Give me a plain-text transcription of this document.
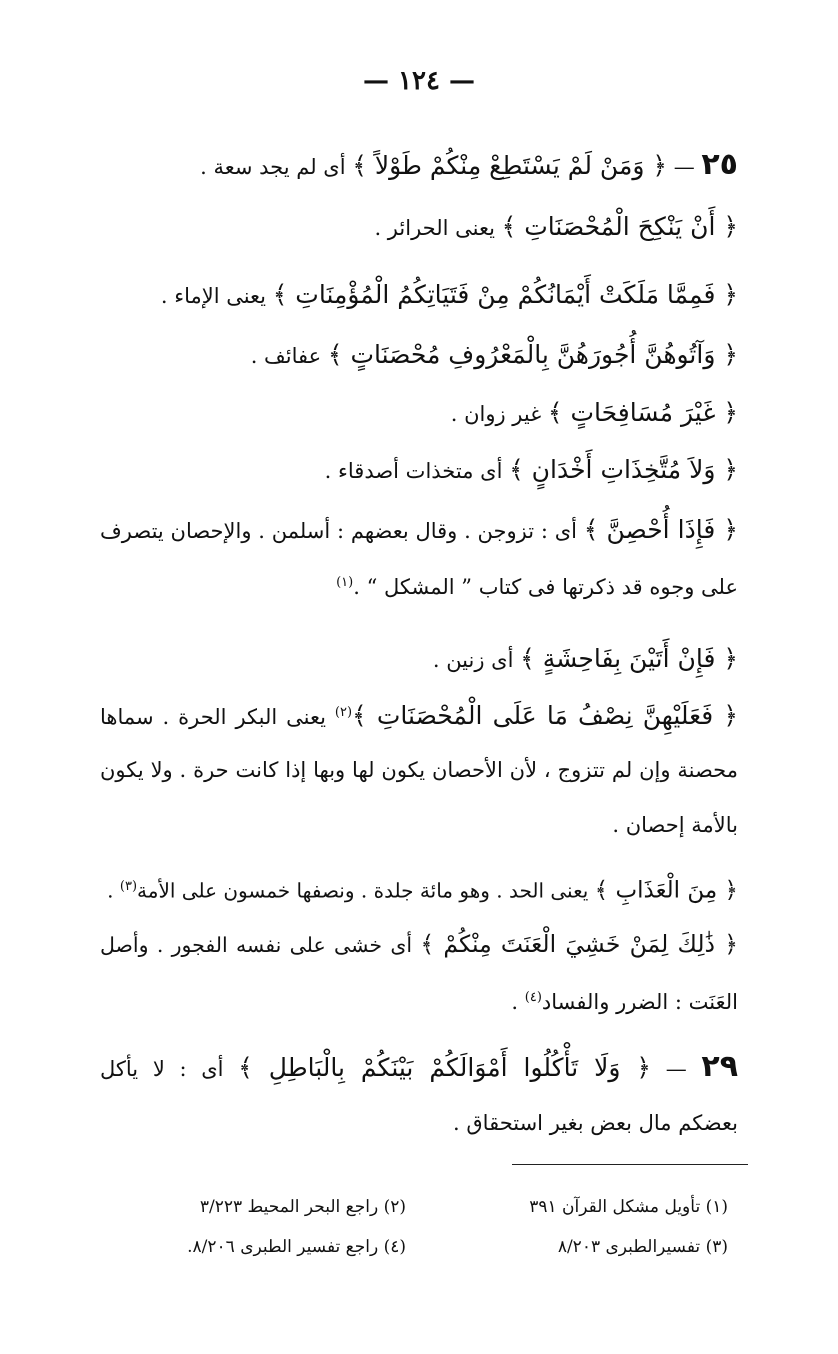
— ١٢٤ —
٢٥ — ﴿ وَمَنْ لَمْ يَسْتَطِعْ مِنْكُمْ طَوْلاً ﴾ أى لم يجد سعة .
﴿ أَنْ يَنْكِحَ الْمُحْصَنَاتِ ﴾ يعنى الحرائر .
﴿ فَمِمَّا مَلَكَتْ أَيْمَانُكُمْ مِنْ فَتَيَاتِكُمُ الْمُؤْمِنَاتِ ﴾ يعنى الإماء .
﴿ وَآتُوهُنَّ أُجُورَهُنَّ بِالْمَعْرُوفِ مُحْصَنَاتٍ ﴾ عفائف .
﴿ غَيْرَ مُسَافِحَاتٍ ﴾ غير زوان .
﴿ وَلاَ مُتَّخِذَاتِ أَخْدَانٍ ﴾ أى متخذات أصدقاء .
﴿ فَإِذَا أُحْصِنَّ ﴾ أى : تزوجن . وقال بعضهم : أسلمن . والإحصان يتصرف
على وجوه قد ذكرتها فى كتاب ” المشكل “ .$^{(١)}$
﴿ فَإِنْ أَتَيْنَ بِفَاحِشَةٍ ﴾ أى زنين .
﴿ فَعَلَيْهِنَّ نِصْفُ مَا عَلَى الْمُحْصَنَاتِ ﴾$^{(٢)}$ يعنى البكر الحرة . سماها
محصنة وإن لم تتزوج ، لأن الأحصان يكون لها وبها إذا كانت حرة . ولا يكون
بالأمة إحصان .
﴿ مِنَ الْعَذَابِ ﴾ يعنى الحد . وهو مائة جلدة . ونصفها خمسون على الأمة$^{(٣)}$ .
﴿ ذَٰلِكَ لِمَنْ خَشِيَ الْعَنَتَ مِنْكُمْ ﴾ أى خشى على نفسه الفجور . وأصل
العَنَت : الضرر والفساد$^{(٤)}$ .
٢٩ — ﴿ وَلَا تَأْكُلُوا أَمْوَالَكُمْ بَيْنَكُمْ بِالْبَاطِلِ ﴾ أى : لا يأكل
بعضكم مال بعض بغير استحقاق .
(١) تأويل مشكل القرآن ٣٩١
(٢) راجع البحر المحيط ٣/٢٢٣
(٣) تفسيرالطبرى ٨/٢٠٣
(٤) راجع تفسير الطبرى ٨/٢٠٦.
